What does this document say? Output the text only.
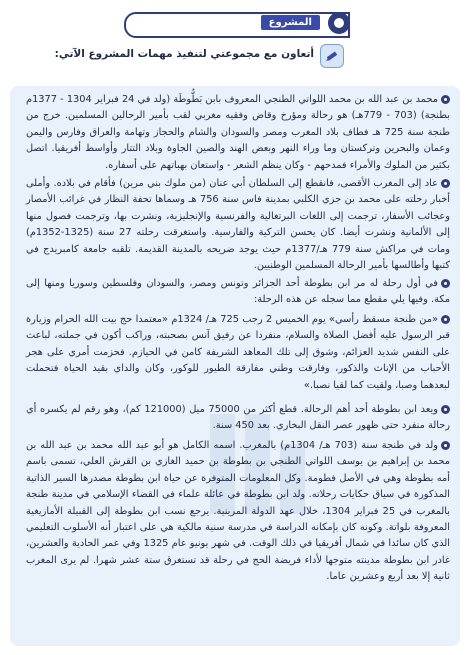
المشروع
أتعاون مع مجموعتي لتنفيذ مهمات المشروع الآتي:
محمد بن عبد الله بن محمد اللواتي الطنجي المعروف بابن بَطُّوطَة (ولد في 24 فبراير 1304 - 1377م بطنجة) (703 - 779هـ) هو رحالة ومؤرخ وقاض وفقيه مغربي لقب بأمير الرحالين المسلمين. خرج من طنجة سنة 725 هـ فطاف بلاد المغرب ومصر والسودان والشام والحجاز وتهامة والعراق وفارس واليمن وعمان والبحرين وتركستان وما وراء النهر وبعض الهند والصين الجاوة وبلاد التتار وأواسط أفريقيا. اتصل بكثير من الملوك والأمراء فمدحهم - وكان ينظم الشعر - واستعان بهباتهم على أسفاره.
عاد إلى المغرب الأقصى، فانقطع إلى السلطان أبي عنان (من ملوك بني مرين) فأقام في بلاده. وأملى أخبار رحلته على محمد بن جزي الكلبي بمدينة فاس سنة 756 هـ وسماها تحفة النظار في غرائب الأمصار وعجائب الأسفار، ترجمت إلى اللغات البرتغالية والفرنسية والإنجليزية، ونشرت بها، وترجمت فصول منها إلى الألمانية ونشرت أيضا. كان يحسن التركية والفارسية. واستغرقت رحلته 27 سنة (1325-1352م) ومات في مراكش سنة 779 هـ/1377م حيث يوجد ضريحه بالمدينة القديمة. تلقبه جامعة كامبريدج في كتبها وأطالسها بأمير الرحالة المسلمين الوطنيين.
في أول رحلة له مر ابن بطوطة أحد الجزائر وتونس ومصر، والسودان وفلسطين وسوريا ومنها إلى مكة. وفيها يلي مقطع مما سجله عن هذه الرحلة:
«من طنجة مسقط رأسي» يوم الخميس 2 رجب 725 هـ/ 1324م «معتمدا حج بيت الله الحرام وزيارة قبر الرسول عليه أفضل الصلاة والسلام، منفردا عن رفيق آنس بصحبته، وراكب أكون في جملته، لباعث على النفس شديد العزائم، وشوق إلى تلك المعاهد الشريفة كامن في الحيازم. فحزمت أمري على هجر الأحباب من الإناث والذكور، وفارقت وطني مفارقة الطيور للوكور، وكان والداي بقيد الحياة فتحملت لبعدهما وصبا، ولقيت كما لقيا نصبا.»
ويعد ابن بطوطة أحد أهم الرحالة. قطع أكثر من 75000 ميل (121000 كم)، وهو رقم لم يكسره أي رحالة منفرد حتى ظهور عصر النقل البخاري. بعد 450 سنة.
ولد في طنجة سنة (703 هـ/ 1304م) بالمغرب. اسمه الكامل هو أبو عبد الله محمد بن عبد الله بن محمد بن إبراهيم بن يوسف اللواتي الطنجي بن بطوطة بن حميد الغازي بن القرش العلي، تسمى باسم أمه بطوطة وهي في الأصل فطومة. وكل المعلومات المتوفرة عن حياة ابن بطوطة مصدرها السير الذاتية المذكورة في سياق حكايات رحلاته. ولد ابن بطوطة في عائلة علماء في القضاء الإسلامي في مدينة طنجة بالمغرب في 25 فبراير 1304، خلال عهد الدولة المرينية. يرجع نسب ابن بطوطة إلى القبيلة الأمازيغية المعروفة بلواتة. وكونه كان بإمكانه الدراسة في مدرسة سنية مالكية هي على اعتبار أنه الأسلوب التعليمي الذي كان سائدا في شمال أفريقيا في ذلك الوقت. في شهر يونيو عام 1325 وفي عمر الحادية والعشرين، غادر ابن بطوطة مدينته متوجها لأداء فريضة الحج في رحلة قد تستغرق ستة عشر شهرا. لم يرى المغرب ثانية إلا بعد أربع وعشرين عاما.
